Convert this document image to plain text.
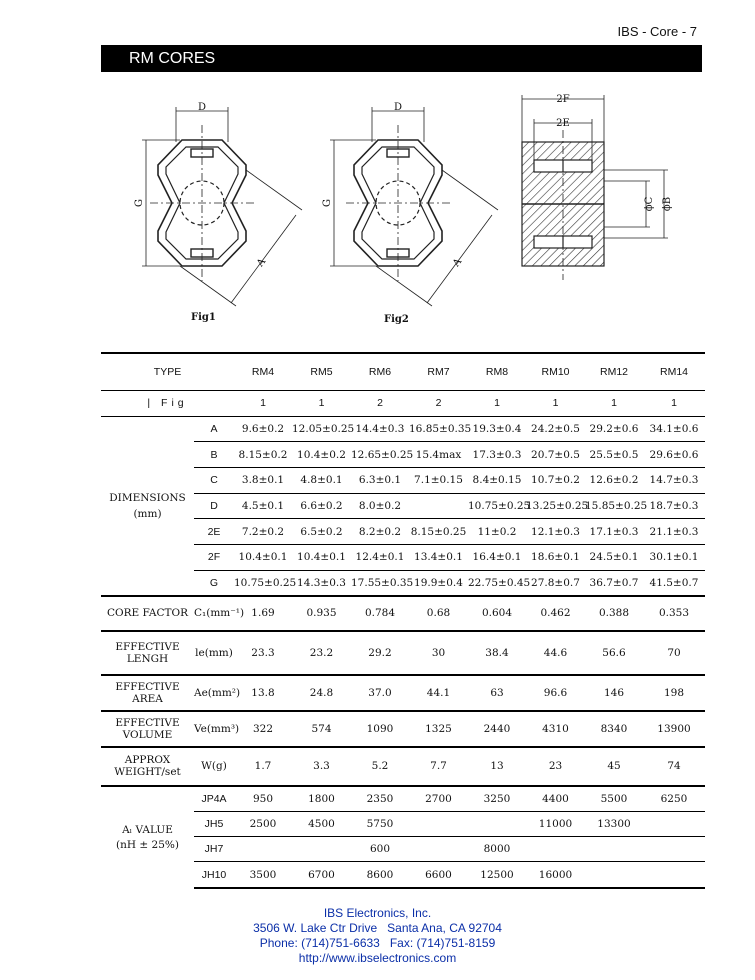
IBS - Core - 7
RM CORES
D
G
A
D
G
A
2F
2E
ϕC ϕB
Fig1	Fig2
TYPE		RM4	RM5	RM6	RM7	RM8	RM10	RM12	RM14
| Fig		1	1	2	2	1	1	1	1

DIMENSIONS
(mm)	A	9.6±0.2	12.05±0.25	14.4±0.3	16.85±0.35	19.3±0.4	24.2±0.5	29.2±0.6	34.1±0.6
	B	8.15±0.2	10.4±0.2	12.65±0.25	15.4max	17.3±0.3	20.7±0.5	25.5±0.5	29.6±0.6
	C	3.8±0.1	4.8±0.1	6.3±0.1	7.1±0.15	8.4±0.15	10.7±0.2	12.6±0.2	14.7±0.3
	D	4.5±0.1	6.6±0.2	8.0±0.2		10.75±0.25	13.25±0.25	15.85±0.25	18.7±0.3
	2E	7.2±0.2	6.5±0.2	8.2±0.2	8.15±0.25	11±0.2	12.1±0.3	17.1±0.3	21.1±0.3
	2F	10.4±0.1	10.4±0.1	12.4±0.1	13.4±0.1	16.4±0.1	18.6±0.1	24.5±0.1	30.1±0.1
	G	10.75±0.25	14.3±0.3	17.55±0.35	19.9±0.4	22.75±0.45	27.8±0.7	36.7±0.7	41.5±0.7
CORE FACTOR	C₁(mm⁻¹)	1.69	0.935	0.784	0.68	0.604	0.462	0.388	0.353
EFFECTIVE LENGH	le(mm)	23.3	23.2	29.2	30	38.4	44.6	56.6	70
EFFECTIVE AREA	Ae(mm²)	13.8	24.8	37.0	44.1	63	96.6	146	198
EFFECTIVE VOLUME	Ve(mm³)	322	574	1090	1325	2440	4310	8340	13900
APPROX WEIGHT/set	W(g)	1.7	3.3	5.2	7.7	13	23	45	74

Aₗ VALUE
(nH ± 25%)	JP4A	950	1800	2350	2700	3250	4400	5500	6250
	JH5	2500	4500	5750			11000	13300	
	JH7			600		8000			
	JH10	3500	6700	8600	6600	12500	16000		
IBS Electronics, Inc.
3506 W. Lake Ctr Drive   Santa Ana, CA 92704
Phone: (714)751-6633   Fax: (714)751-8159
http://www.ibselectronics.com
